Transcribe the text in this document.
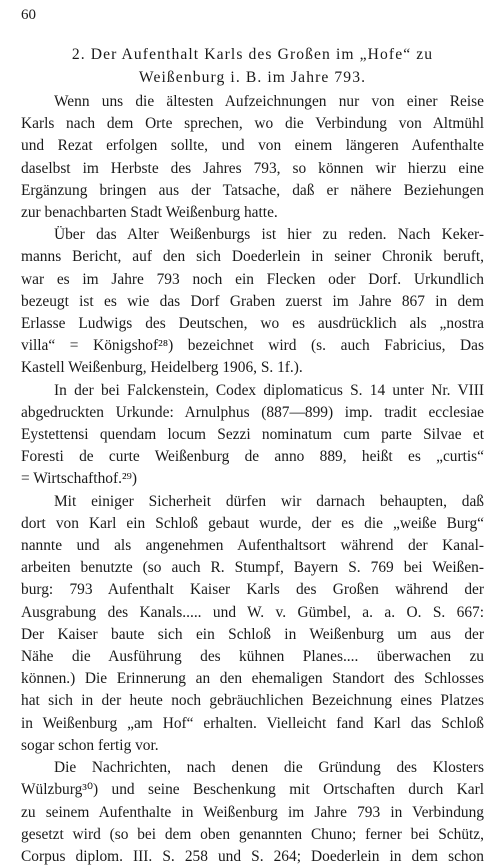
60
2. Der Aufenthalt Karls des Großen im „Hofe“ zu
Weißenburg i. B. im Jahre 793.

Wenn uns die ältesten Aufzeichnungen nur von einer Reise
Karls nach dem Orte sprechen, wo die Verbindung von Altmühl
und Rezat erfolgen sollte, und von einem längeren Aufenthalte
daselbst im Herbste des Jahres 793, so können wir hierzu eine
Ergänzung bringen aus der Tatsache, daß er nähere Beziehungen
zur benachbarten Stadt Weißenburg hatte.

Über das Alter Weißenburgs ist hier zu reden. Nach Keker-
manns Bericht, auf den sich Doederlein in seiner Chronik beruft,
war es im Jahre 793 noch ein Flecken oder Dorf. Urkundlich
bezeugt ist es wie das Dorf Graben zuerst im Jahre 867 in dem
Erlasse Ludwigs des Deutschen, wo es ausdrücklich als „nostra
villa“ = Königshof²⁸) bezeichnet wird (s. auch Fabricius, Das
Kastell Weißenburg, Heidelberg 1906, S. 1f.).

In der bei Falckenstein, Codex diplomaticus S. 14 unter Nr. VIII
abgedruckten Urkunde: Arnulphus (887—899) imp. tradit ecclesiae
Eystettensi quendam locum Sezzi nominatum cum parte Silvae et
Foresti de curte Weißenburg de anno 889, heißt es „curtis“
= Wirtschafthof.²⁹)

Mit einiger Sicherheit dürfen wir darnach behaupten, daß
dort von Karl ein Schloß gebaut wurde, der es die „weiße Burg“
nannte und als angenehmen Aufenthaltsort während der Kanal-
arbeiten benutzte (so auch R. Stumpf, Bayern S. 769 bei Weißen-
burg: 793 Aufenthalt Kaiser Karls des Großen während der
Ausgrabung des Kanals..... und W. v. Gümbel, a. a. O. S. 667:
Der Kaiser baute sich ein Schloß in Weißenburg um aus der
Nähe die Ausführung des kühnen Planes.... überwachen zu
können.) Die Erinnerung an den ehemaligen Standort des Schlosses
hat sich in der heute noch gebräuchlichen Bezeichnung eines Platzes
in Weißenburg „am Hof“ erhalten. Vielleicht fand Karl das Schloß
sogar schon fertig vor.

Die Nachrichten, nach denen die Gründung des Klosters
Wülzburg³⁰) und seine Beschenkung mit Ortschaften durch Karl
zu seinem Aufenthalte in Weißenburg im Jahre 793 in Verbindung
gesetzt wird (so bei dem oben genannten Chuno; ferner bei Schütz,
Corpus diplom. III. S. 258 und S. 264; Doederlein in dem schon
